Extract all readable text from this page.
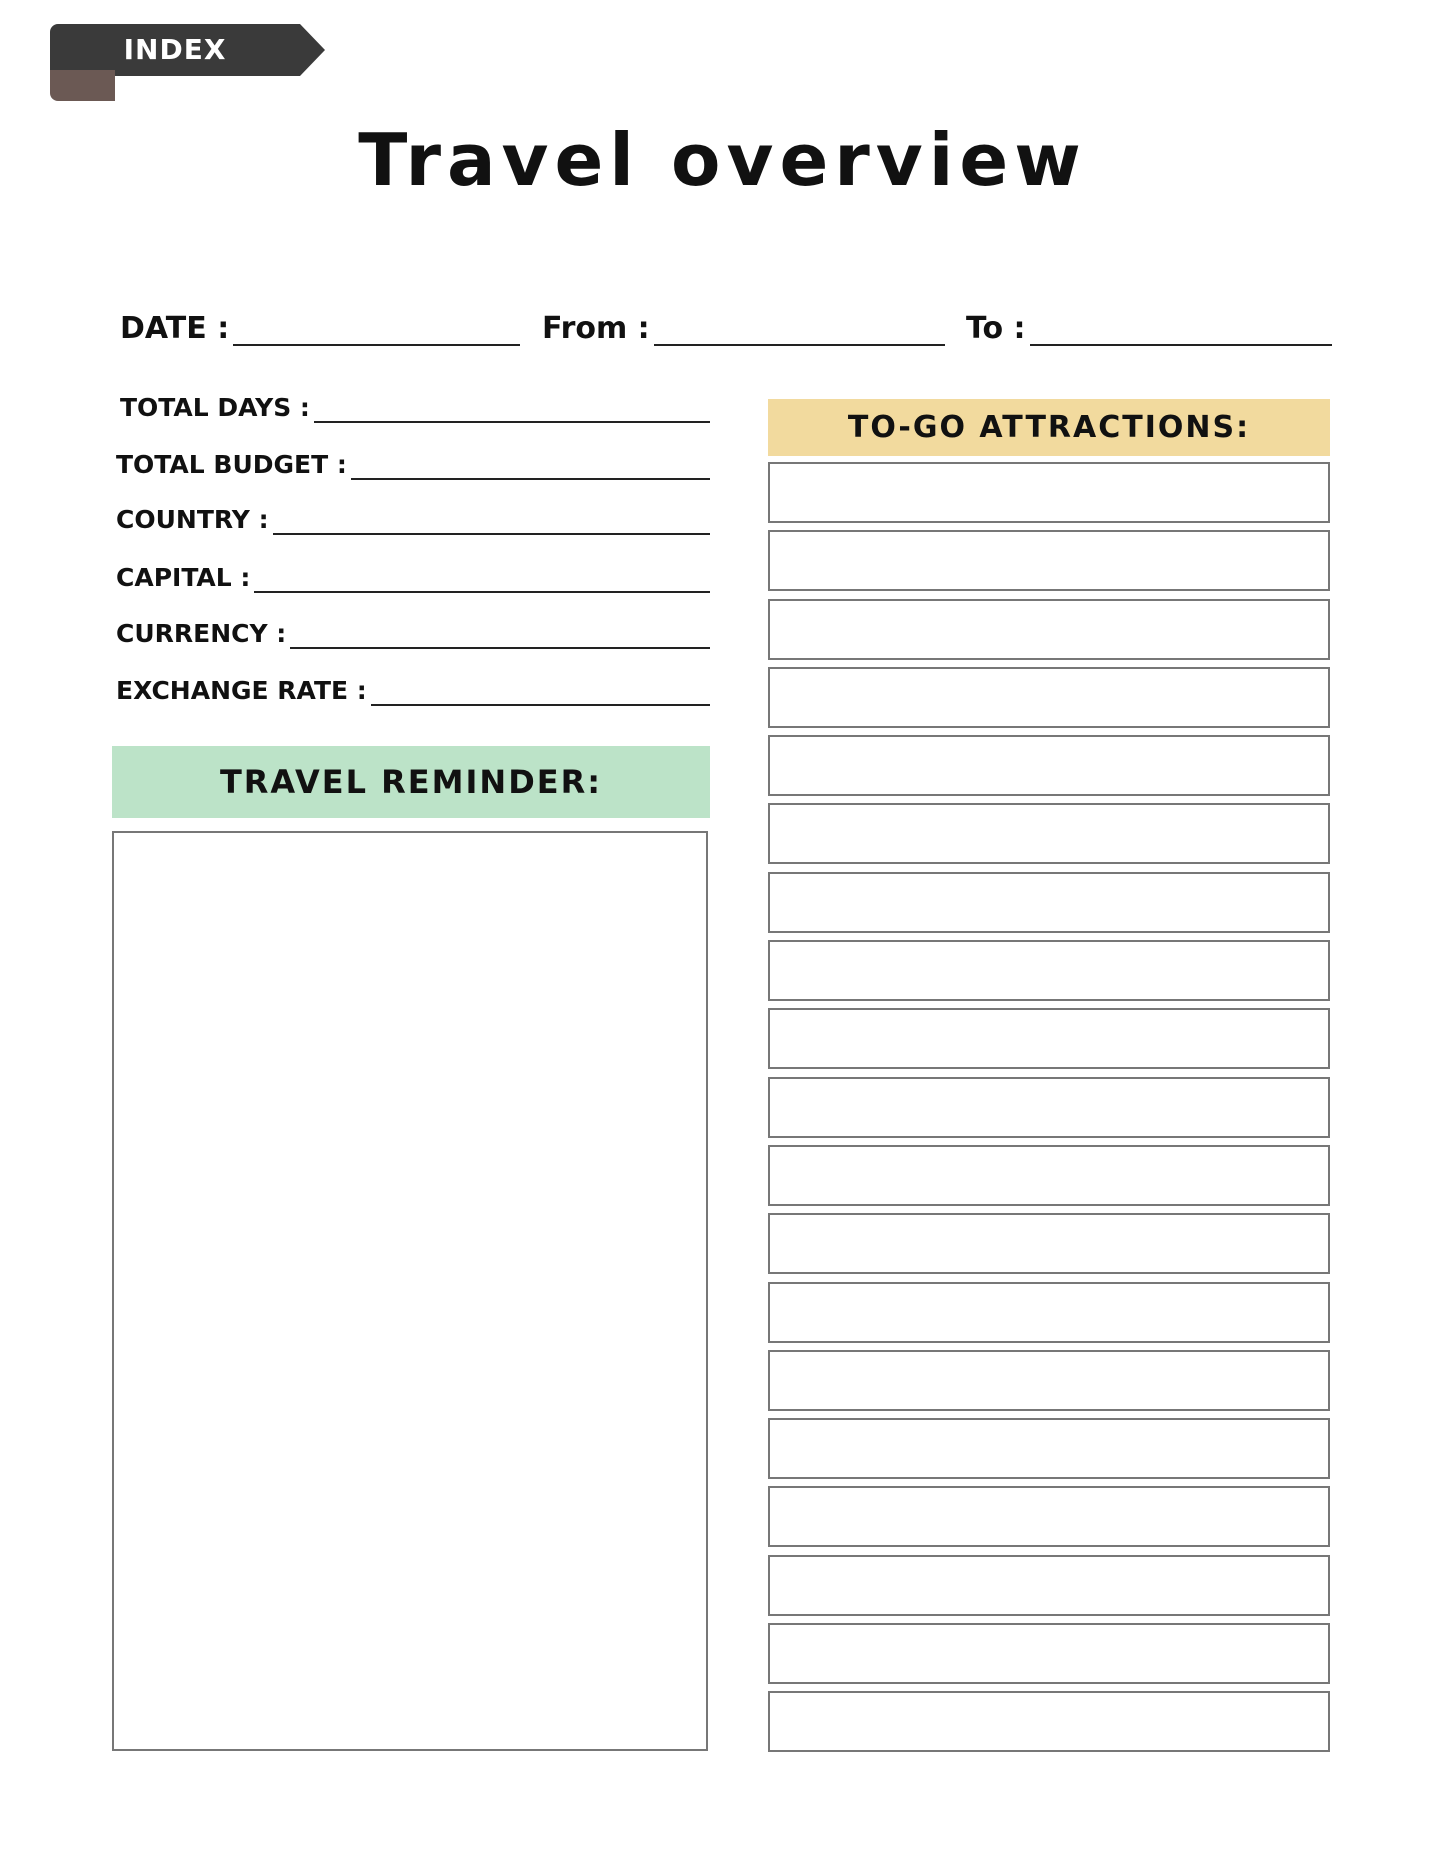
INDEX
Travel overview
DATE :	From :	To :
TOTAL DAYS :
TOTAL BUDGET :
COUNTRY :
CAPITAL :
CURRENCY :
EXCHANGE RATE :
TRAVEL REMINDER:
TO-GO ATTRACTIONS:
